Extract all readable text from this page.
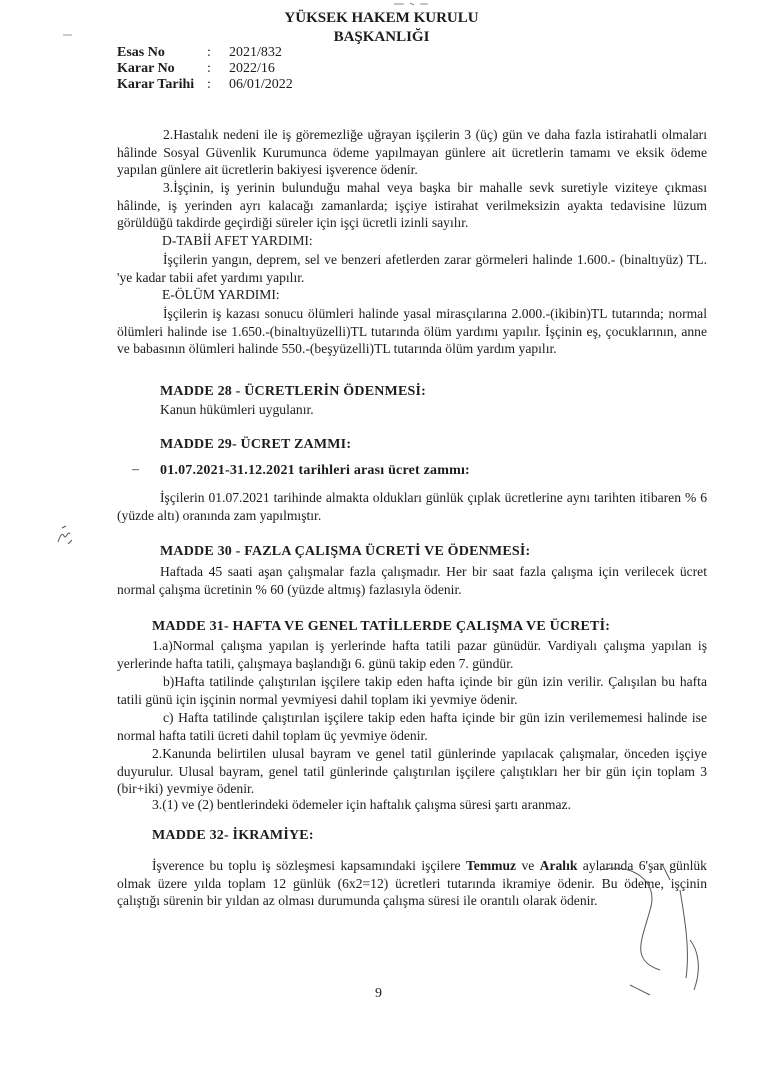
YÜKSEK HAKEM KURULU
BAŞKANLIĞI
Esas No	: 2021/832
Karar No : 2022/16
Karar Tarihi : 06/01/2022
2.Hastalık nedeni ile iş göremezliğe uğrayan işçilerin 3 (üç) gün ve daha fazla istirahatli olmaları hâlinde Sosyal Güvenlik Kurumunca ödeme yapılmayan günlere ait ücretlerin tamamı ve eksik ödeme yapılan günlere ait ücretlerin bakiyesi işverence ödenir.
3.İşçinin, iş yerinin bulunduğu mahal veya başka bir mahalle sevk suretiyle viziteye çıkması hâlinde, iş yerinden ayrı kalacağı zamanlarda; işçiye istirahat verilmeksizin ayakta tedavisine lüzum görüldüğü takdirde geçirdiği süreler için işçi ücretli izinli sayılır.
D-TABİİ AFET YARDIMI:
İşçilerin yangın, deprem, sel ve benzeri afetlerden zarar görmeleri halinde 1.600.- (binaltıyüz) TL. 'ye kadar tabii afet yardımı yapılır.
E-ÖLÜM YARDIMI:
İşçilerin iş kazası sonucu ölümleri halinde yasal mirasçılarına 2.000.-(ikibin)TL tutarında; normal ölümleri halinde ise 1.650.-(binaltıyüzelli)TL tutarında ölüm yardımı yapılır. İşçinin eş, çocuklarının, anne ve babasının ölümleri halinde 550.-(beşyüzelli)TL tutarında ölüm yardım yapılır.
MADDE 28 - ÜCRETLERİN ÖDENMESİ:
Kanun hükümleri uygulanır.
MADDE 29- ÜCRET ZAMMI:
– 01.07.2021-31.12.2021 tarihleri arası ücret zammı:
İşçilerin 01.07.2021 tarihinde almakta oldukları günlük çıplak ücretlerine aynı tarihten itibaren % 6 (yüzde altı) oranında zam yapılmıştır.
MADDE 30 - FAZLA ÇALIŞMA ÜCRETİ VE ÖDENMESİ:
Haftada 45 saati aşan çalışmalar fazla çalışmadır. Her bir saat fazla çalışma için verilecek ücret normal çalışma ücretinin % 60 (yüzde altmış) fazlasıyla ödenir.
MADDE 31- HAFTA VE GENEL TATİLLERDE ÇALIŞMA VE ÜCRETİ:
1.a)Normal çalışma yapılan iş yerlerinde hafta tatili pazar günüdür. Vardiyalı çalışma yapılan iş yerlerinde hafta tatili, çalışmaya başlandığı 6. günü takip eden 7. gündür.
b)Hafta tatilinde çalıştırılan işçilere takip eden hafta içinde bir gün izin verilir. Çalışılan bu hafta tatili günü için işçinin normal yevmiyesi dahil toplam iki yevmiye ödenir.
c) Hafta tatilinde çalıştırılan işçilere takip eden hafta içinde bir gün izin verilememesi halinde ise normal hafta tatili ücreti dahil toplam üç yevmiye ödenir.
2.Kanunda belirtilen ulusal bayram ve genel tatil günlerinde yapılacak çalışmalar, önceden işçiye duyurulur. Ulusal bayram, genel tatil günlerinde çalıştırılan işçilere çalıştıkları her bir gün için toplam 3 (bir+iki) yevmiye ödenir.
3.(1) ve (2) bentlerindeki ödemeler için haftalık çalışma süresi şartı aranmaz.
MADDE 32- İKRAMİYE:
İşverence bu toplu iş sözleşmesi kapsamındaki işçilere Temmuz ve Aralık aylarında 6'şar günlük olmak üzere yılda toplam 12 günlük (6x2=12) ücretleri tutarında ikramiye ödenir. Bu ödeme, işçinin çalıştığı sürenin bir yıldan az olması durumunda çalışma süresi ile orantılı olarak ödenir.
9
